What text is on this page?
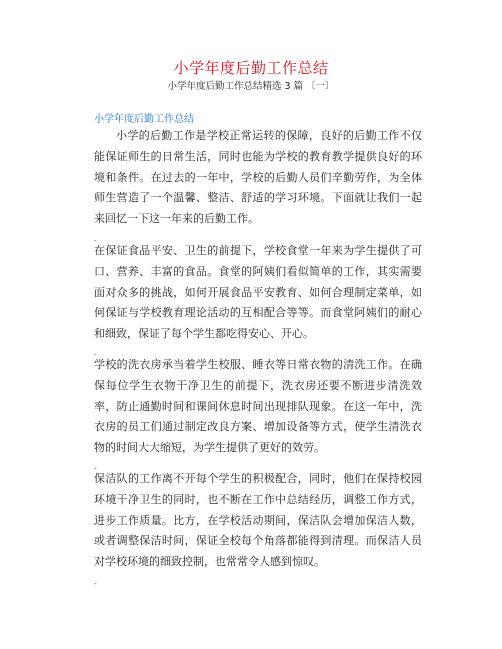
小学年度后勤工作总结
小学年度后勤工作总结精选 3 篇 〔一〕
小学年度后勤工作总结
小学的后勤工作是学校正常运转的保障，良好的后勤工作不仅能保证师生的日常生活，同时也能为学校的教育教学提供良好的环境和条件。在过去的一年中，学校的后勤人员们辛勤劳作，为全体师生营造了一个温馨、整洁、舒适的学习环境。下面就让我们一起来回忆一下这一年来的后勤工作。
-
在保证食品平安、卫生的前提下，学校食堂一年来为学生提供了可口、营养、丰富的食品。食堂的阿姨们看似简单的工作，其实需要面对众多的挑战，如何开展食品平安教育、如何合理制定菜单，如何保证与学校教育理论活动的互相配合等等。而食堂阿姨们的耐心和细致，保证了每个学生都吃得安心、开心。
-
学校的洗衣房承当着学生校服、睡衣等日常衣物的清洗工作。在确保每位学生衣物干净卫生的前提下，洗衣房还要不断进步清洗效率，防止通勤时间和课间休息时间出现排队现象。在这一年中，洗衣房的员工们通过制定改良方案、增加设备等方式，使学生清洗衣物的时间大大缩短，为学生提供了更好的效劳。
-
保洁队的工作离不开每个学生的积极配合，同时，他们在保持校园环境干净卫生的同时，也不断在工作中总结经历，调整工作方式，进步工作质量。比方，在学校活动期间，保洁队会增加保洁人数，或者调整保洁时间，保证全校每个角落都能得到清理。而保洁人员对学校环境的细致控制，也常常令人感到惊叹。
-
